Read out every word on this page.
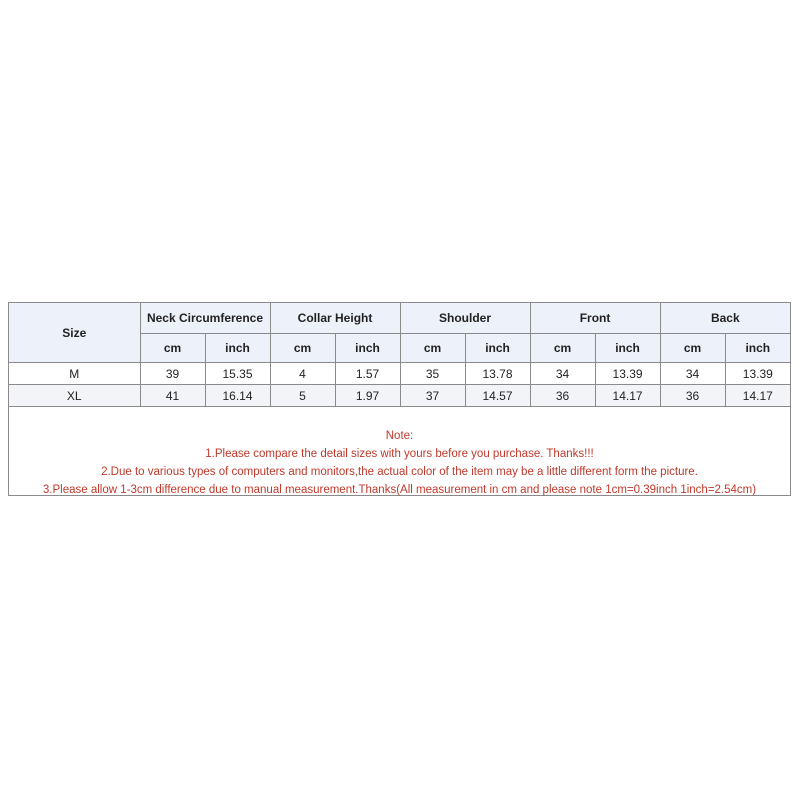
Size	Neck Circumference		Collar Height		Shoulder		Front		Back	
	cm	inch	cm	inch	cm	inch	cm	inch	cm	inch
M	39	15.35	4	1.57	35	13.78	34	13.39	34	13.39
XL	41	16.14	5	1.97	37	14.57	36	14.17	36	14.17
Note:
1.Please compare the detail sizes with yours before you purchase. Thanks!!!
2.Due to various types of computers and monitors,the actual color of the item may be a little different form the picture.
3.Please allow 1-3cm difference due to manual measurement.Thanks(All measurement in cm and please note 1cm=0.39inch 1inch=2.54cm)
